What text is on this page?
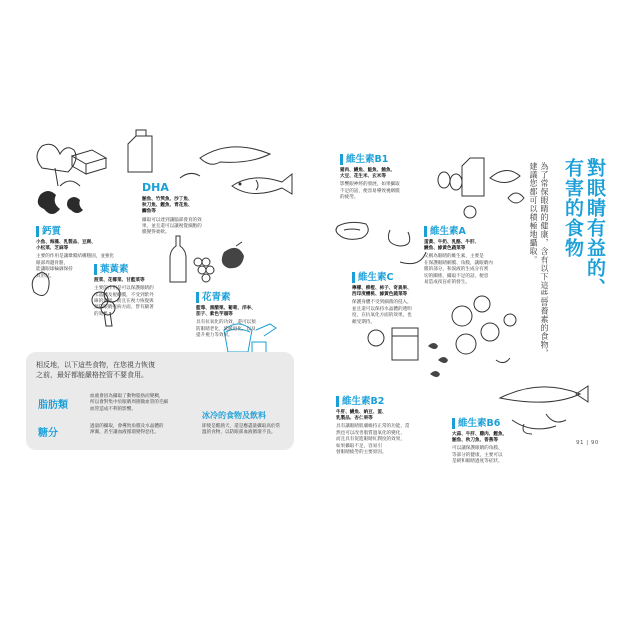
鈣質
小魚、海藻、乳製品、豆腐、
小松菜、芝麻等
主要的作用是讓鞏膜結構穩固，並強化
眼部周邊骨骼，
能讓眼球輪廓保持
其形狀。
DHA
鮪魚、竹筴魚、沙丁魚、
秋刀魚、鰹魚、青花魚、
鰤魚等
攝取可以達到讓腦部發育的效
果，並且還可以讓視覺細胞的
膜變得柔軟。
葉黃素
菠菜、花椰菜、甘藍菜等
主要的作用是可以保護眼睛的
水晶體及視網膜，不受到紫外
線的傷害，而且在視力恢復與
預防眼睛疾病方面，皆有顯著
的效果。
花青素
藍莓、黑醋栗、葡萄、洋李、
茄子、紫色芋頭等
具有抗氧化的功效，還可以預
防眼睛老化，延緩退化，以及
提升視力等效果。
相反地，以下這些食物，在您視力恢復
之前，最好都能嚴格控管不要食用。
脂肪類
血液會因為攝取了動物脂肪而變稠，
所以會對集中於眼睛周圍微血管的毛細
血管造成不利的影響。
糖分
過量的攝取，會導致角膜及水晶體的
渾濁，甚至讓血液循環變得惡化。
冰冷的食物及飲料
即使是酷熱天，還是應盡量攝取高於常
溫的食物，以防眼部血液循環不良。
對眼睛有益的、
有害的食物
為了常保眼睛的健康，含有以下這些營養素的食物，
建議您都可以積極地攝取。
維生素B1
豬肉、鰻魚、鮭魚、鮪魚、
大豆、花生米、玄米等
影響眼神經的發展，如果攝取
不足的話，便容易導致視網膜
的疲勞。
維生素A
蛋黃、牛奶、乳酪、牛肝、
鰻魚、綠黃色蔬菜等
又稱為眼睛的維生素，主要是
在保護眼睛網膜、角膜，讓眼睛內
膜的部分，和淚液的生成分有密
切的關係，攝取不足的話，便容
易造成夜盲症的發生。
維生素C
檸檬、柳橙、柿子、奇異果、
西印度櫻桃、綠黃色蔬菜等
保護身體不受到細菌的侵入，
並且還可以保持水晶體的透明
度，在抗氧化方面的效果，也
頗受期待。
維生素B2
牛肝、鰻魚、納豆、蛋、
乳製品、杏仁果等
具有讓眼睛肌膚維持正常的功能，當
然也可以改善脂質過氧化的變化，
而且具有促進眼睛紅潤度的效果，
如果攝取不足，容易引
發眼睛疲勞的主要原因。
維生素B6
大蒜、牛肝、雞肉、鰹魚、
鮪魚、秋刀魚、香蕉等
可以讓保護眼睛的角膜、
等部分的健康，主要可以
是緩和眼睛過度等症狀。
91 | 90
